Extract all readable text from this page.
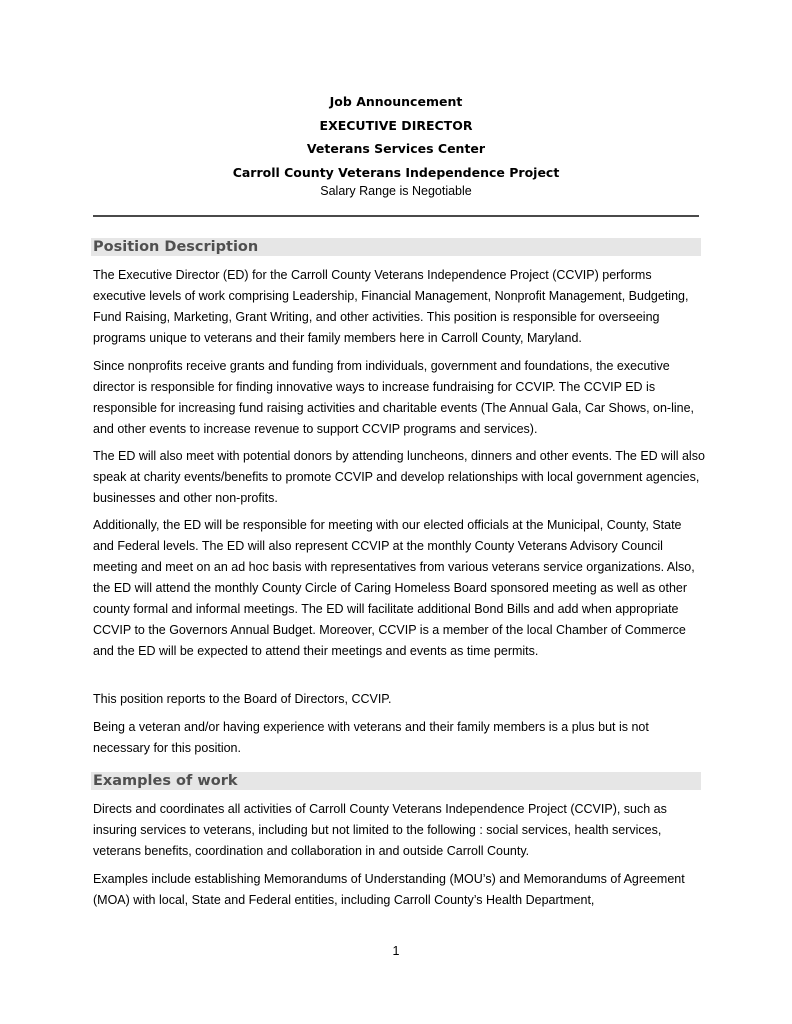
Job Announcement
EXECUTIVE DIRECTOR
Veterans Services Center
Carroll County Veterans Independence Project
Salary Range is Negotiable
Position Description

The Executive Director (ED) for the Carroll County Veterans Independence Project (CCVIP) performs executive levels of work comprising Leadership, Financial Management, Nonprofit Management, Budgeting, Fund Raising, Marketing, Grant Writing, and other activities. This position is responsible for overseeing programs unique to veterans and their family members here in Carroll County, Maryland.

Since nonprofits receive grants and funding from individuals, government and foundations, the executive director is responsible for finding innovative ways to increase fundraising for CCVIP. The CCVIP ED is responsible for increasing fund raising activities and charitable events (The Annual Gala, Car Shows, on-line, and other events to increase revenue to support CCVIP programs and services).

The ED will also meet with potential donors by attending luncheons, dinners and other events. The ED will also speak at charity events/benefits to promote CCVIP and develop relationships with local government agencies, businesses and other non-profits.

Additionally, the ED will be responsible for meeting with our elected officials at the Municipal, County, State and Federal levels. The ED will also represent CCVIP at the monthly County Veterans Advisory Council meeting and meet on an ad hoc basis with representatives from various veterans service organizations. Also, the ED will attend the monthly County Circle of Caring Homeless Board sponsored meeting as well as other county formal and informal meetings. The ED will facilitate additional Bond Bills and add when appropriate CCVIP to the Governors Annual Budget. Moreover, CCVIP is a member of the local Chamber of Commerce and the ED will be expected to attend their meetings and events as time permits.

This position reports to the Board of Directors, CCVIP.

Being a veteran and/or having experience with veterans and their family members is a plus but is not necessary for this position.

Examples of work

Directs and coordinates all activities of Carroll County Veterans Independence Project (CCVIP), such as insuring services to veterans, including but not limited to the following : social services, health services, veterans benefits, coordination and collaboration in and outside Carroll County.

Examples include establishing Memorandums of Understanding (MOU’s) and Memorandums of Agreement (MOA) with local, State and Federal entities, including Carroll County’s Health Department,

1
